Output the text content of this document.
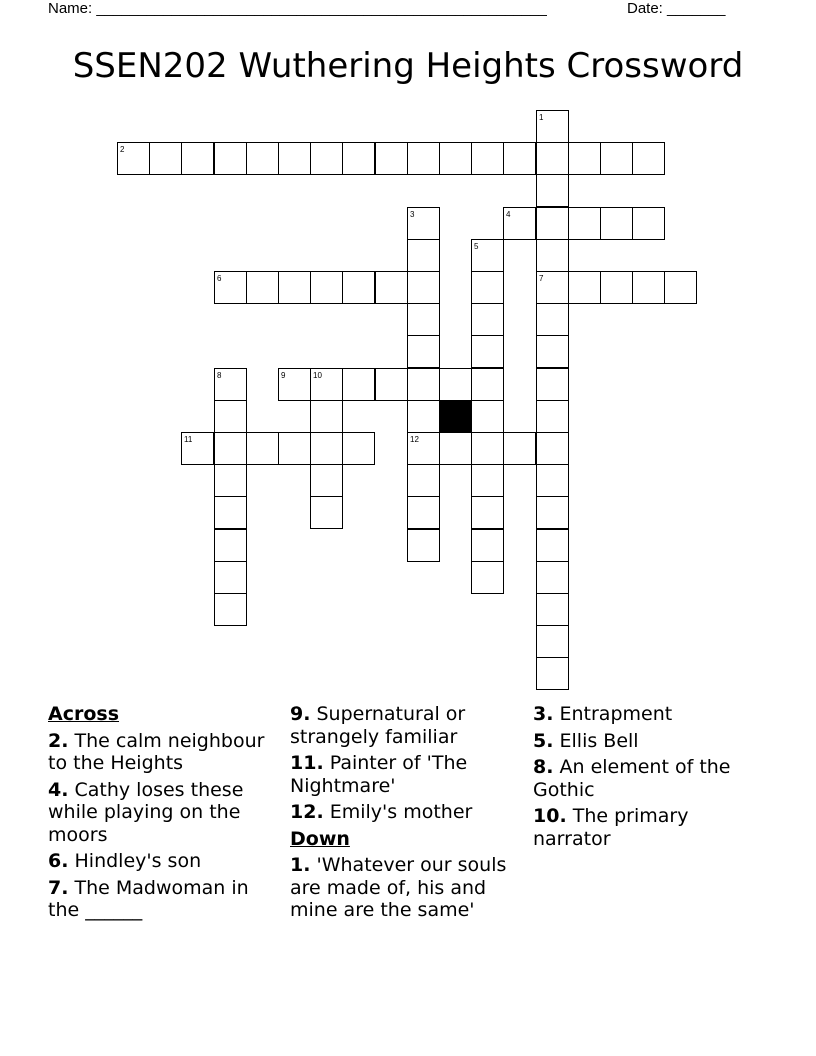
Name: ______________________________________________________	Date: _______
SSEN202 Wuthering Heights Crossword
1
2
3	4
5
6	7
8	9	10
11	12
Across
2. The calm neighbour to the Heights
4. Cathy loses these while playing on the moors
6. Hindley's son
7. The Madwoman in the ______
9. Supernatural or strangely familiar
11. Painter of 'The Nightmare'
12. Emily's mother
Down
1. 'Whatever our souls are made of, his and mine are the same'
3. Entrapment
5. Ellis Bell
8. An element of the Gothic
10. The primary narrator
